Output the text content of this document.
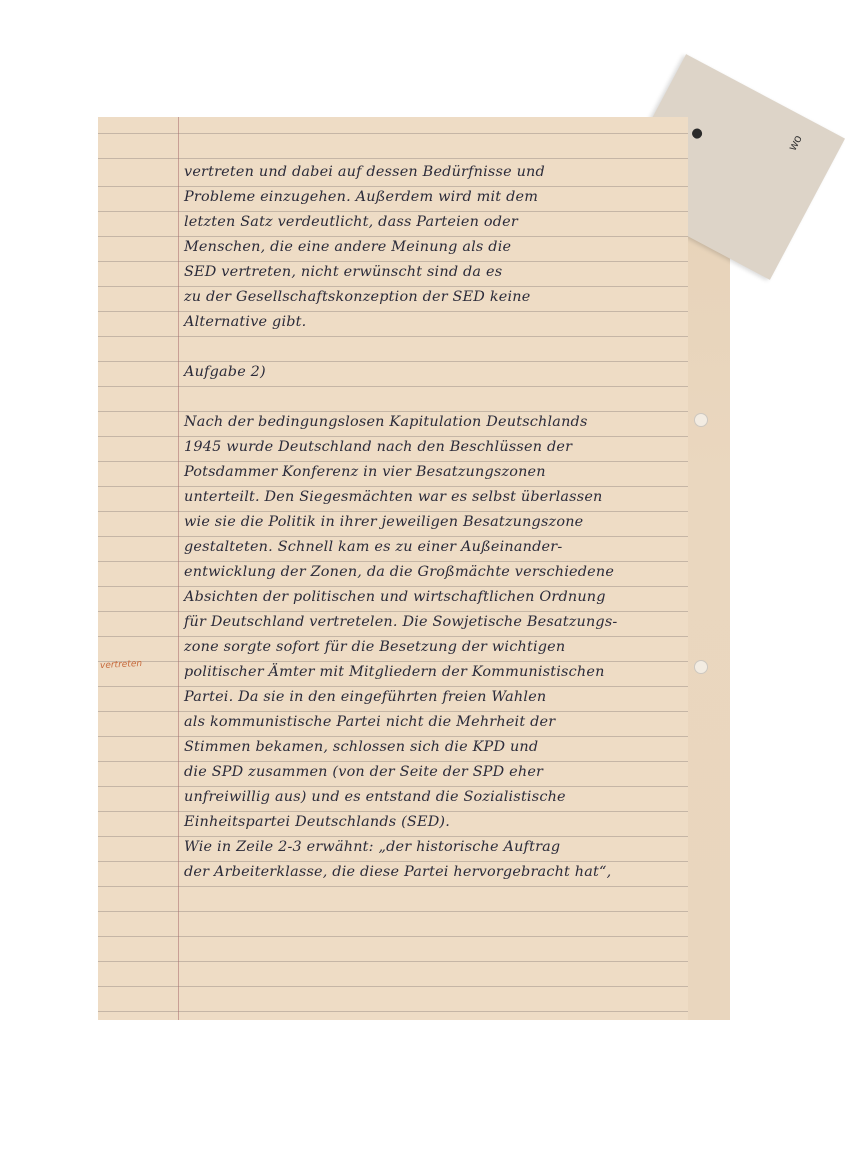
wo
vertreten
vertreten und dabei auf dessen Bedürfnisse und
Probleme einzugehen. Außerdem wird mit dem
letzten Satz verdeutlicht, dass Parteien oder
Menschen, die eine andere Meinung als die
SED vertreten, nicht erwünscht sind da es
zu der Gesellschaftskonzeption der SED keine
Alternative gibt.
Aufgabe 2)
Nach der bedingungslosen Kapitulation Deutschlands
1945 wurde Deutschland nach den Beschlüssen der
Potsdammer Konferenz in vier Besatzungszonen
unterteilt. Den Siegesmächten war es selbst überlassen
wie sie die Politik in ihrer jeweiligen Besatzungszone
gestalteten. Schnell kam es zu einer Außeinander-
entwicklung der Zonen, da die Großmächte verschiedene
Absichten der politischen und wirtschaftlichen Ordnung
für Deutschland vertretelen. Die Sowjetische Besatzungs-
zone sorgte sofort für die Besetzung der wichtigen
politischer Ämter mit Mitgliedern der Kommunistischen
Partei. Da sie in den eingeführten freien Wahlen
als kommunistische Partei nicht die Mehrheit der
Stimmen bekamen, schlossen sich die KPD und
die SPD zusammen (von der Seite der SPD eher
unfreiwillig aus) und es entstand die Sozialistische
Einheitspartei Deutschlands (SED).
Wie in Zeile 2-3 erwähnt: „der historische Auftrag
der Arbeiterklasse, die diese Partei hervorgebracht hat“,
